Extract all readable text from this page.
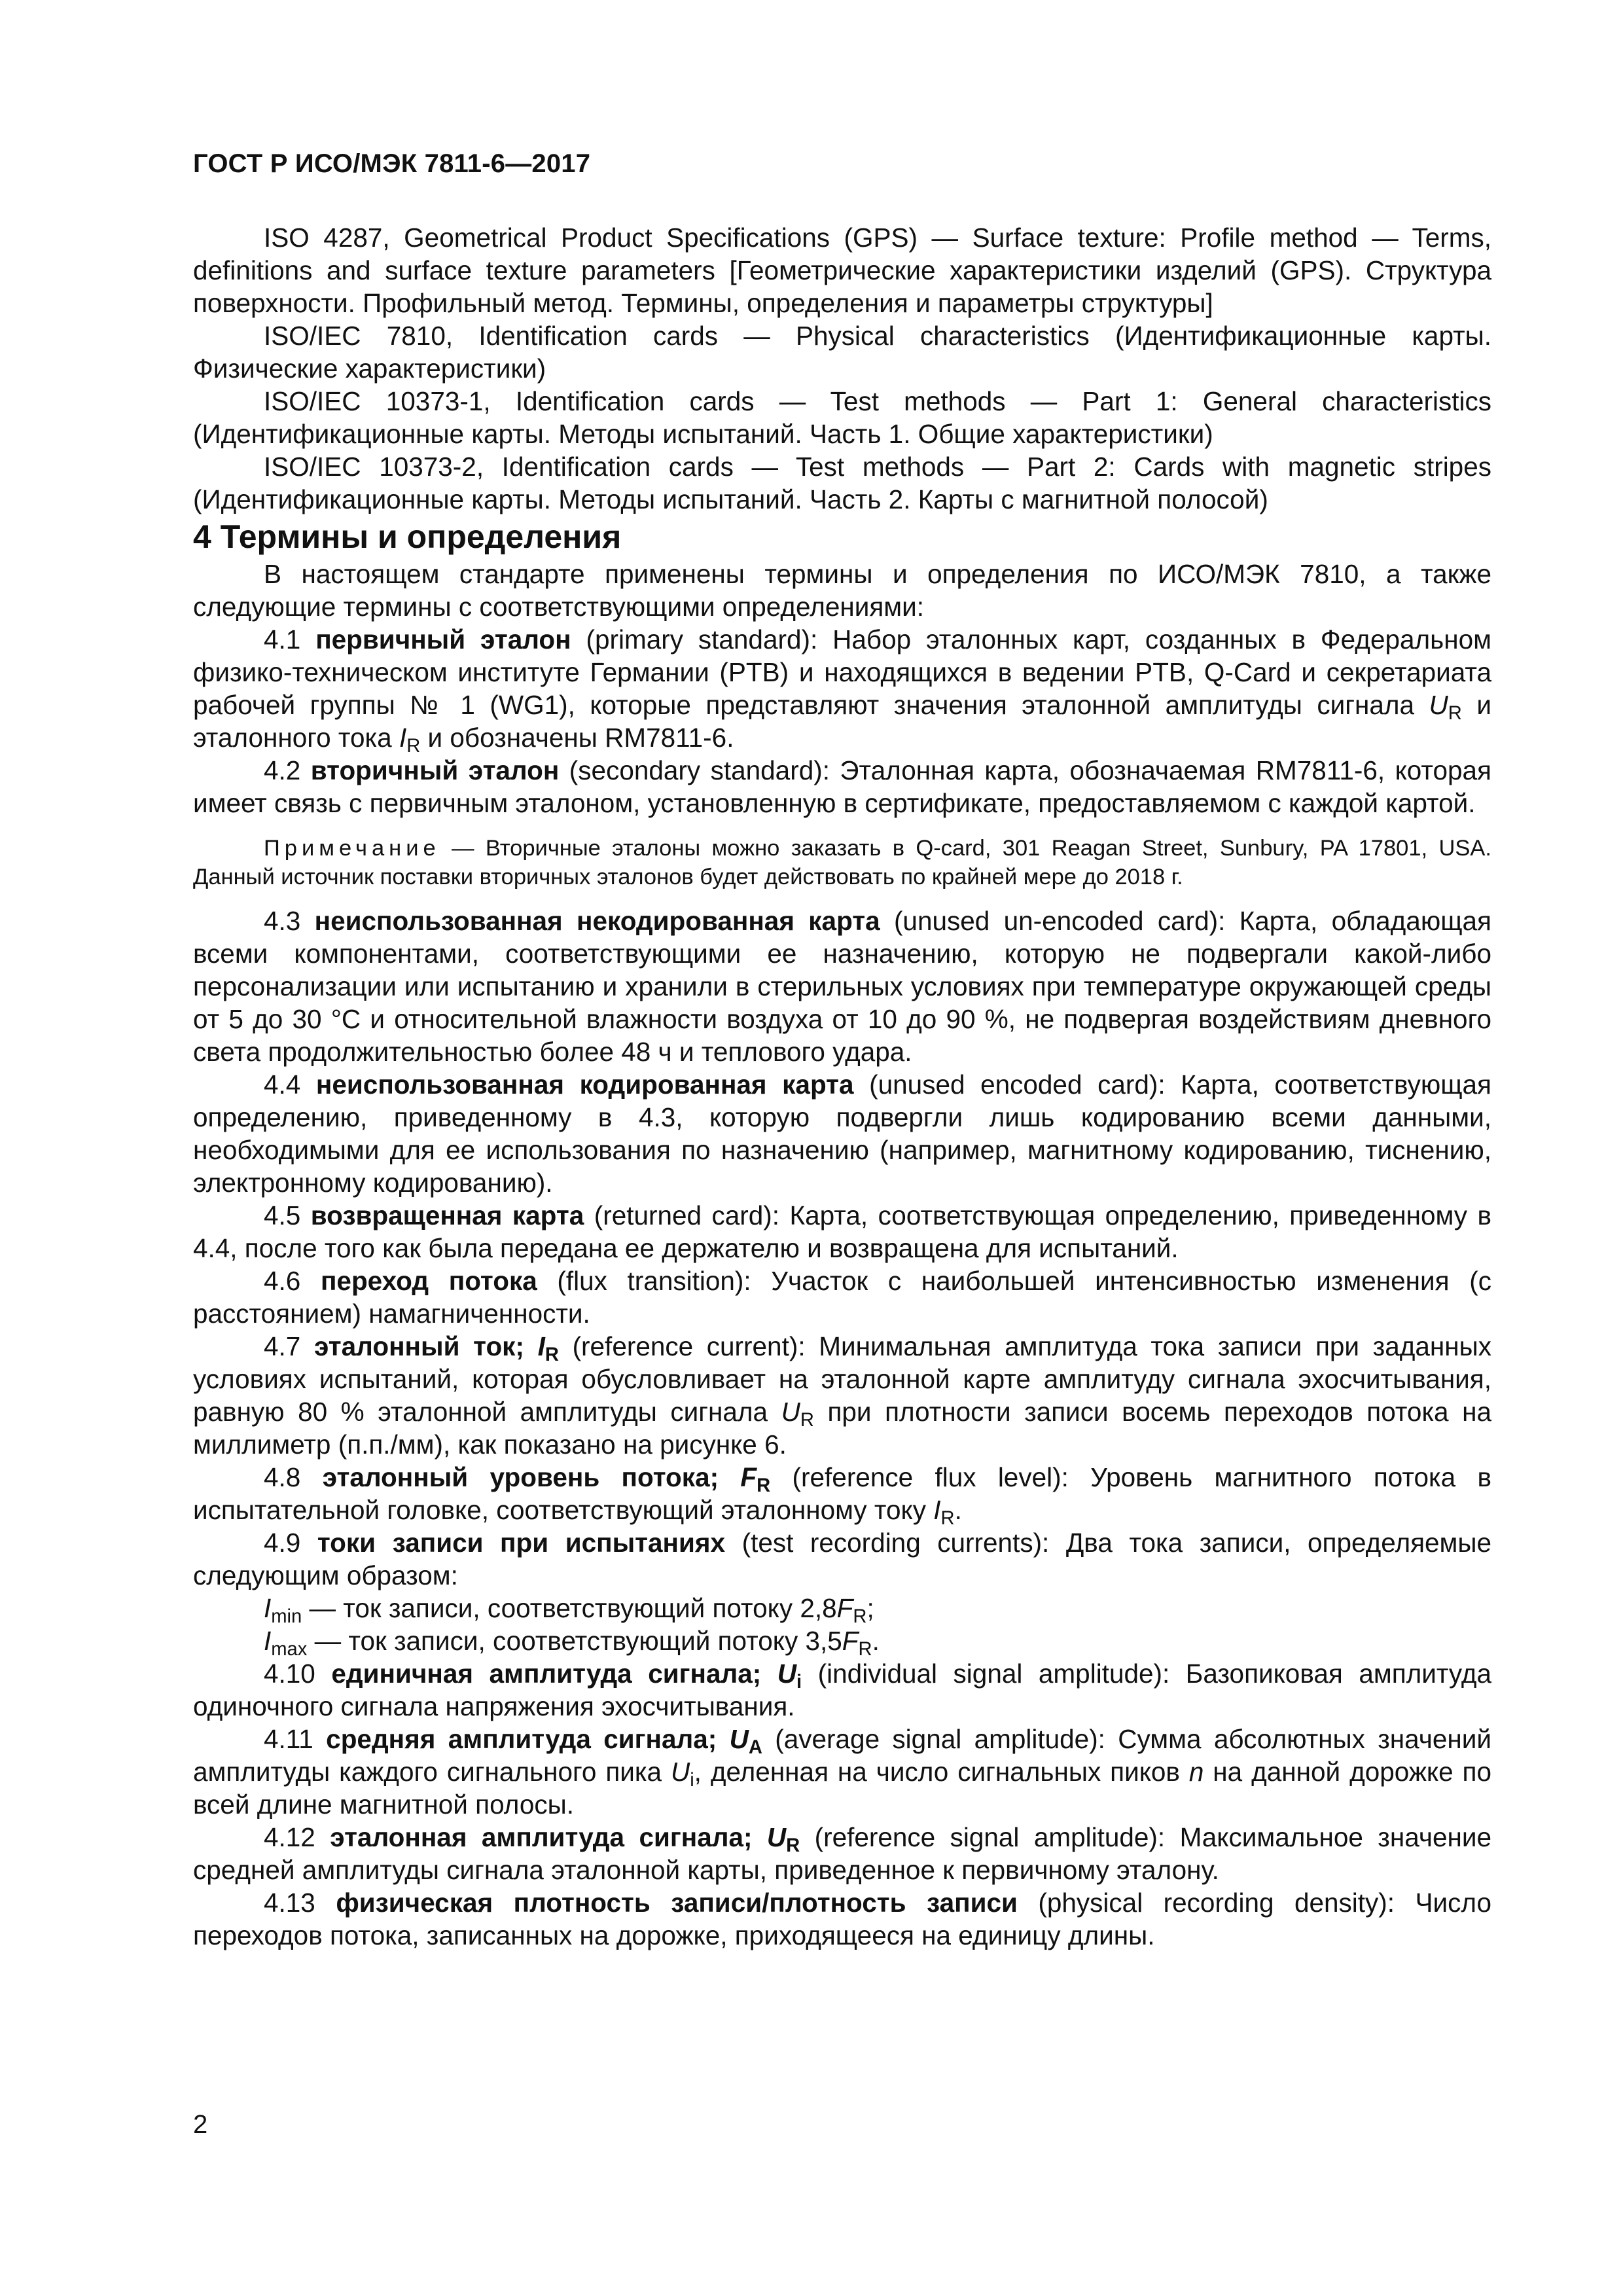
ГОСТ Р ИСО/МЭК 7811-6—2017

ISO 4287, Geometrical Product Specifications (GPS) — Surface texture: Profile method — Terms, definitions and surface texture parameters [Геометрические характеристики изделий (GPS). Структура поверхности. Профильный метод. Термины, определения и параметры структуры]

ISO/IEC 7810, Identification cards — Physical characteristics (Идентификационные карты. Физические характеристики)

ISO/IEC 10373-1, Identification cards — Test methods — Part 1: General characteristics (Идентификационные карты. Методы испытаний. Часть 1. Общие характеристики)

ISO/IEC 10373-2, Identification cards — Test methods — Part 2: Cards with magnetic stripes (Идентификационные карты. Методы испытаний. Часть 2. Карты с магнитной полосой)

4 Термины и определения

В настоящем стандарте применены термины и определения по ИСО/МЭК 7810, а также следующие термины с соответствующими определениями:

4.1 первичный эталон (primary standard): Набор эталонных карт, созданных в Федеральном физико-техническом институте Германии (PTB) и находящихся в ведении PTB, Q-Card и секретариата рабочей группы № 1 (WG1), которые представляют значения эталонной амплитуды сигнала $U_R$ и эталонного тока $I_R$ и обозначены RM7811-6.

4.2 вторичный эталон (secondary standard): Эталонная карта, обозначаемая RM7811-6, которая имеет связь с первичным эталоном, установленную в сертификате, предоставляемом с каждой картой.

Примечание — Вторичные эталоны можно заказать в Q-card, 301 Reagan Street, Sunbury, PA 17801, USA. Данный источник поставки вторичных эталонов будет действовать по крайней мере до 2018 г.

4.3 неиспользованная некодированная карта (unused un-encoded card): Карта, обладающая всеми компонентами, соответствующими ее назначению, которую не подвергали какой-либо персонализации или испытанию и хранили в стерильных условиях при температуре окружающей среды от 5 до 30 °C и относительной влажности воздуха от 10 до 90 %, не подвергая воздействиям дневного света продолжительностью более 48 ч и теплового удара.

4.4 неиспользованная кодированная карта (unused encoded card): Карта, соответствующая определению, приведенному в 4.3, которую подвергли лишь кодированию всеми данными, необходимыми для ее использования по назначению (например, магнитному кодированию, тиснению, электронному кодированию).

4.5 возвращенная карта (returned card): Карта, соответствующая определению, приведенному в 4.4, после того как была передана ее держателю и возвращена для испытаний.

4.6 переход потока (flux transition): Участок с наибольшей интенсивностью изменения (с расстоянием) намагниченности.

4.7 эталонный ток; $I_R$ (reference current): Минимальная амплитуда тока записи при заданных условиях испытаний, которая обусловливает на эталонной карте амплитуду сигнала эхосчитывания, равную 80 % эталонной амплитуды сигнала $U_R$ при плотности записи восемь переходов потока на миллиметр (п.п./мм), как показано на рисунке 6.

4.8 эталонный уровень потока; $F_R$ (reference flux level): Уровень магнитного потока в испытательной головке, соответствующий эталонному току $I_R$.

4.9 токи записи при испытаниях (test recording currents): Два тока записи, определяемые следующим образом:

$I_{min}$ — ток записи, соответствующий потоку $2,8F_R$;

$I_{max}$ — ток записи, соответствующий потоку $3,5F_R$.

4.10 единичная амплитуда сигнала; $U_i$ (individual signal amplitude): Базопиковая амплитуда одиночного сигнала напряжения эхосчитывания.

4.11 средняя амплитуда сигнала; $U_A$ (average signal amplitude): Сумма абсолютных значений амплитуды каждого сигнального пика $U_i$, деленная на число сигнальных пиков n на данной дорожке по всей длине магнитной полосы.

4.12 эталонная амплитуда сигнала; $U_R$ (reference signal amplitude): Максимальное значение средней амплитуды сигнала эталонной карты, приведенное к первичному эталону.

4.13 физическая плотность записи/плотность записи (physical recording density): Число переходов потока, записанных на дорожке, приходящееся на единицу длины.

2
